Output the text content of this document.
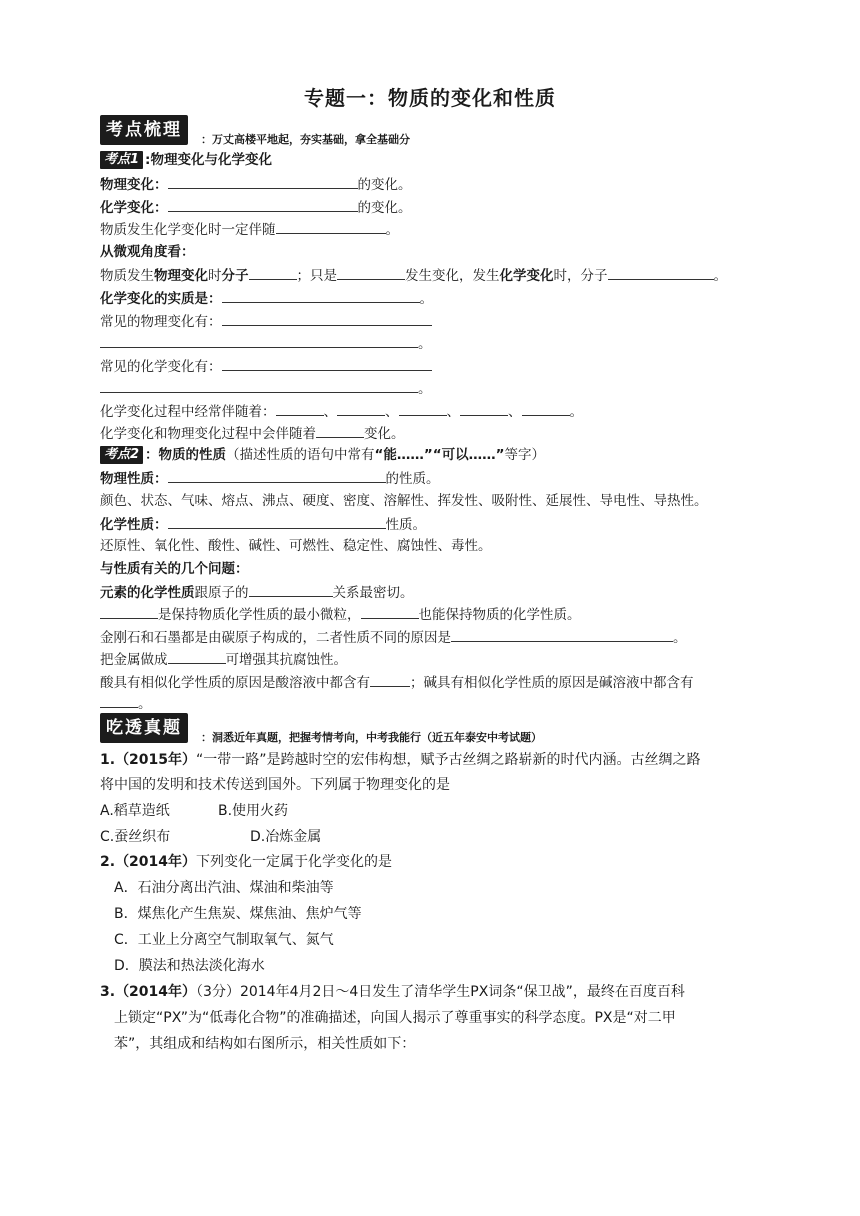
专题一：物质的变化和性质
考点梳理	：万丈高楼平地起，夯实基础，拿全基础分
考点1 :物理变化与化学变化
物理变化：	的变化。
化学变化：	的变化。
物质发生化学变化时一定伴随	。
从微观角度看：
物质发生物理变化时分子	；只是	发生变化，发生化学变化时，分子	。
化学变化的实质是：	。
常见的物理变化有：
。
常见的化学变化有：
。
化学变化过程中经常伴随着：	、	、	、	、	。
化学变化和物理变化过程中会伴随着	变化。
考点2 ：物质的性质（描述性质的语句中常有“能……”“可以……”等字）
物理性质：	的性质。
颜色、状态、气味、熔点、沸点、硬度、密度、溶解性、挥发性、吸附性、延展性、导电性、导热性。
化学性质：	性质。
还原性、氧化性、酸性、碱性、可燃性、稳定性、腐蚀性、毒性。
与性质有关的几个问题：
元素的化学性质跟原子的	关系最密切。
是保持物质化学性质的最小微粒，	也能保持物质的化学性质。
金刚石和石墨都是由碳原子构成的，二者性质不同的原因是	。
把金属做成	可增强其抗腐蚀性。
酸具有相似化学性质的原因是酸溶液中都含有	；碱具有相似化学性质的原因是碱溶液中都含有
。
吃透真题	：洞悉近年真题，把握考情考向，中考我能行（近五年泰安中考试题）
1.（2015年）“一带一路”是跨越时空的宏伟构想，赋予古丝绸之路崭新的时代内涵。古丝绸之路
将中国的发明和技术传送到国外。下列属于物理变化的是
A.稻草造纸	B.使用火药
C.蚕丝织布	D.冶炼金属
2.（2014年）下列变化一定属于化学变化的是
A．石油分离出汽油、煤油和柴油等
B．煤焦化产生焦炭、煤焦油、焦炉气等
C．工业上分离空气制取氧气、氮气
D．膜法和热法淡化海水
3.（2014年）（3分）2014年4月2日～4日发生了清华学生PX词条“保卫战”，最终在百度百科
上锁定“PX”为“低毒化合物”的准确描述，向国人揭示了尊重事实的科学态度。PX是“对二甲
苯”，其组成和结构如右图所示，相关性质如下：
